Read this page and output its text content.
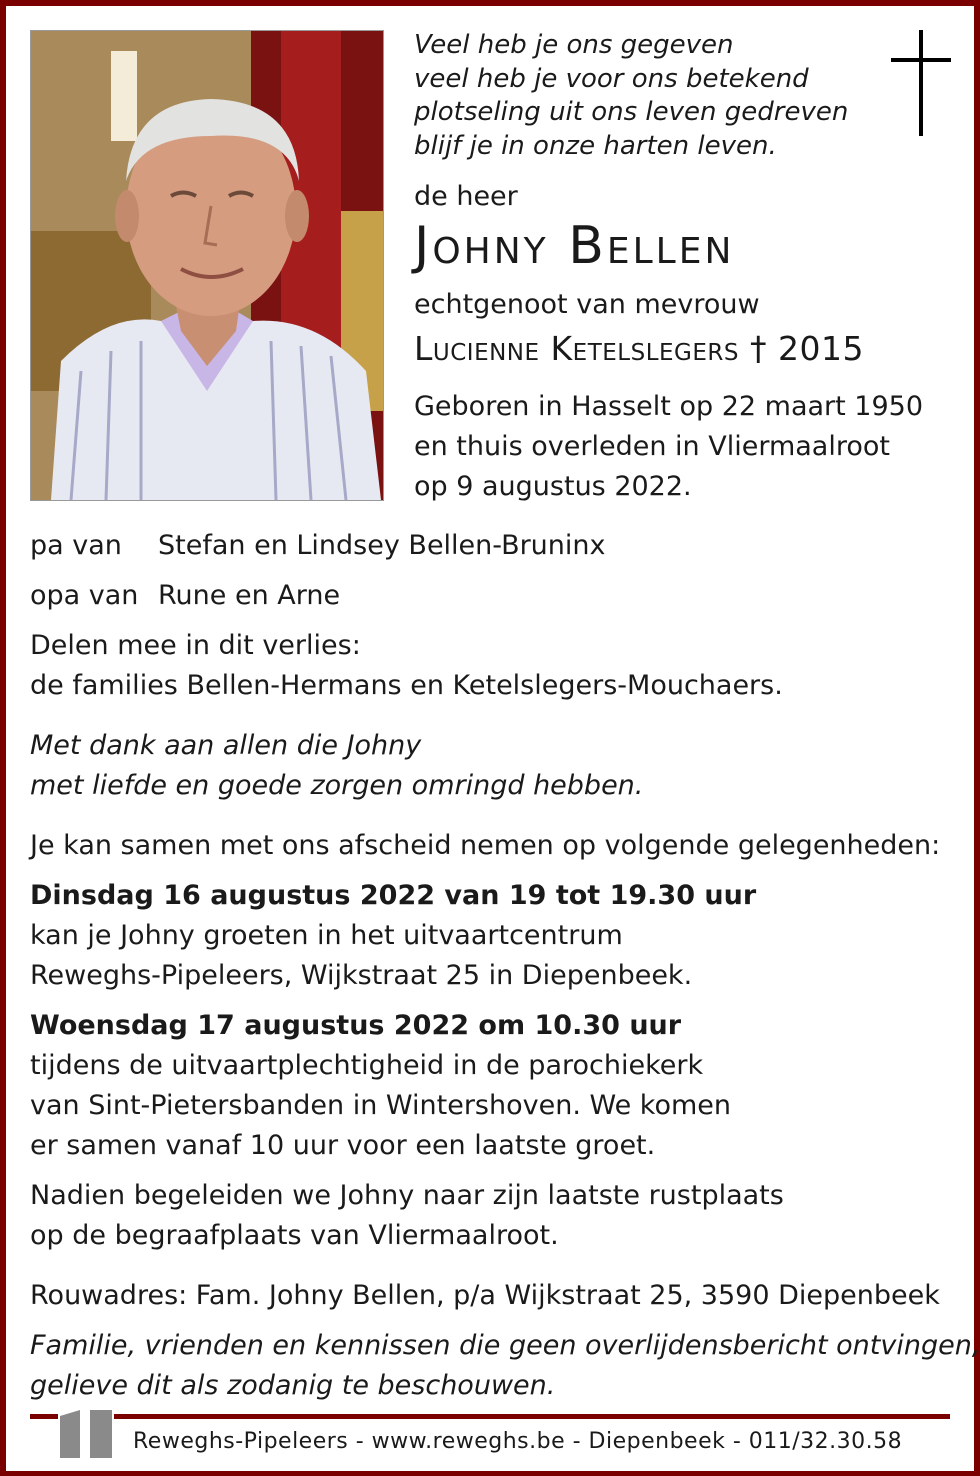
Veel heb je ons gegeven
veel heb je voor ons betekend
plotseling uit ons leven gedreven
blijf je in onze harten leven.
de heer
Johny Bellen
echtgenoot van mevrouw
Lucienne Ketelslegers † 2015
Geboren in Hasselt op 22 maart 1950
en thuis overleden in Vliermaalroot
op 9 augustus 2022.
pa van Stefan en Lindsey Bellen-Bruninx
opa van Rune en Arne
Delen mee in dit verlies:
de families Bellen-Hermans en Ketelslegers-Mouchaers.
Met dank aan allen die Johny
met liefde en goede zorgen omringd hebben.
Je kan samen met ons afscheid nemen op volgende gelegenheden:
Dinsdag 16 augustus 2022 van 19 tot 19.30 uur
kan je Johny groeten in het uitvaartcentrum
Reweghs-Pipeleers, Wijkstraat 25 in Diepenbeek.
Woensdag 17 augustus 2022 om 10.30 uur
tijdens de uitvaartplechtigheid in de parochiekerk
van Sint-Pietersbanden in Wintershoven. We komen
er samen vanaf 10 uur voor een laatste groet.
Nadien begeleiden we Johny naar zijn laatste rustplaats
op de begraafplaats van Vliermaalroot.
Rouwadres: Fam. Johny Bellen, p/a Wijkstraat 25, 3590 Diepenbeek
Familie, vrienden en kennissen die geen overlijdensbericht ontvingen,
gelieve dit als zodanig te beschouwen.
Reweghs-Pipeleers - www.reweghs.be - Diepenbeek - 011/32.30.58
